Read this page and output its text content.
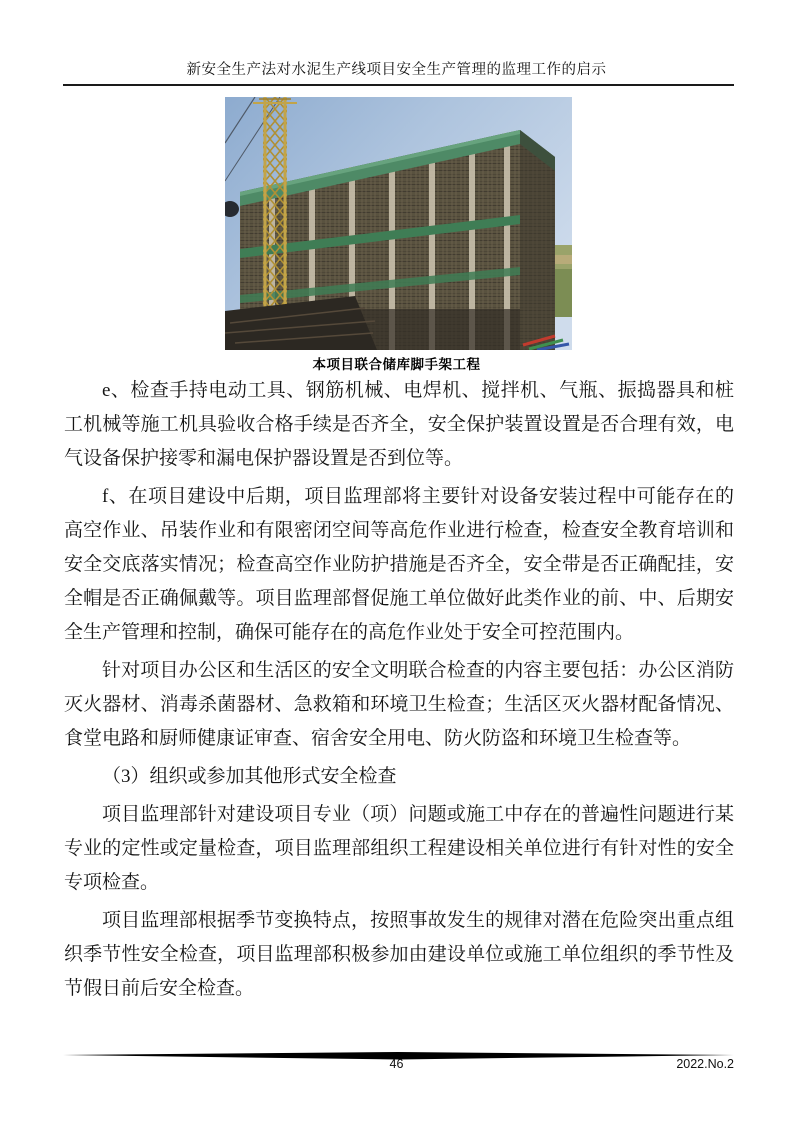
新安全生产法对水泥生产线项目安全生产管理的监理工作的启示
本项目联合储库脚手架工程

e、检查手持电动工具、钢筋机械、电焊机、搅拌机、气瓶、振捣器具和桩工机械等施工机具验收合格手续是否齐全，安全保护装置设置是否合理有效，电气设备保护接零和漏电保护器设置是否到位等。

f、在项目建设中后期，项目监理部将主要针对设备安装过程中可能存在的高空作业、吊装作业和有限密闭空间等高危作业进行检查，检查安全教育培训和安全交底落实情况；检查高空作业防护措施是否齐全，安全带是否正确配挂，安全帽是否正确佩戴等。项目监理部督促施工单位做好此类作业的前、中、后期安全生产管理和控制，确保可能存在的高危作业处于安全可控范围内。

针对项目办公区和生活区的安全文明联合检查的内容主要包括：办公区消防灭火器材、消毒杀菌器材、急救箱和环境卫生检查；生活区灭火器材配备情况、食堂电路和厨师健康证审查、宿舍安全用电、防火防盗和环境卫生检查等。

（3）组织或参加其他形式安全检查

项目监理部针对建设项目专业（项）问题或施工中存在的普遍性问题进行某专业的定性或定量检查，项目监理部组织工程建设相关单位进行有针对性的安全专项检查。

项目监理部根据季节变换特点，按照事故发生的规律对潜在危险突出重点组织季节性安全检查，项目监理部积极参加由建设单位或施工单位组织的季节性及节假日前后安全检查。

46	2022.No.2
